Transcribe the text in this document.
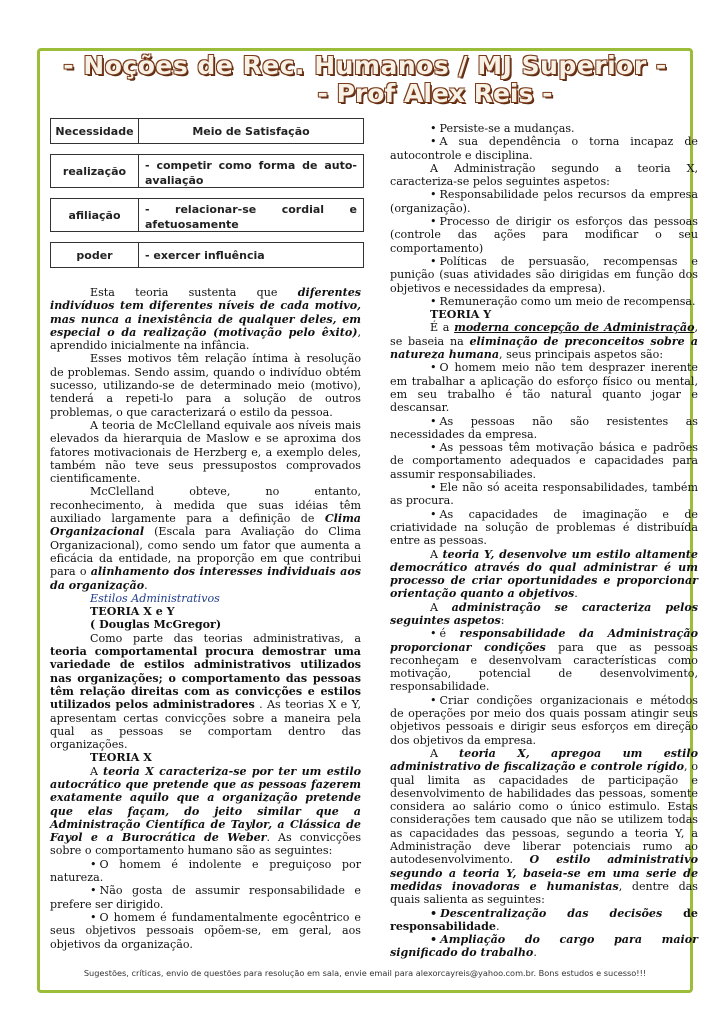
- Noções de Rec. Humanos / MJ Superior -
- Prof Alex Reis -
Necessidade	Meio de Satisfação
realização	- competir como forma de auto-avaliação
afiliação	- relacionar-se cordial e afetuosamente
poder	- exercer influência

Esta teoria sustenta que diferentes indivíduos tem diferentes níveis de cada motivo, mas nunca a inexistência de qualquer deles, em especial o da realização (motivação pelo êxito), aprendido inicialmente na infância.

Esses motivos têm relação íntima à resolução de problemas. Sendo assim, quando o indivíduo obtém sucesso, utilizando-se de determinado meio (motivo), tenderá a repeti-lo para a solução de outros problemas, o que caracterizará o estilo da pessoa.

A teoria de McClelland equivale aos níveis mais elevados da hierarquia de Maslow e se aproxima dos fatores motivacionais de Herzberg e, a exemplo deles, também não teve seus pressupostos comprovados cientificamente.

McClelland obteve, no entanto, reconhecimento, à medida que suas idéias têm auxiliado largamente para a definição de Clima Organizacional (Escala para Avaliação do Clima Organizacional), como sendo um fator que aumenta a eficácia da entidade, na proporção em que contribui para o alinhamento dos interesses individuais aos da organização.

Estilos Administrativos

TEORIA X e Y

( Douglas McGregor)

Como parte das teorias administrativas, a teoria comportamental procura demostrar uma variedade de estilos administrativos utilizados nas organizações; o comportamento das pessoas têm relação direitas com as convicções e estilos utilizados pelos administradores . As teorias X e Y, apresentam certas convicções sobre a maneira pela qual as pessoas se comportam dentro das organizações.

TEORIA X

A teoria X caracteriza-se por ter um estilo autocrático que pretende que as pessoas fazerem exatamente aquilo que a organização pretende que elas façam, do jeito similar que a Administração Científica de Taylor, a Clássica de Fayol e a Burocrática de Weber. As convicções sobre o comportamento humano são as seguintes:

• O homem é indolente e preguiçoso por natureza.

• Não gosta de assumir responsabilidade e prefere ser dirigido.

• O homem é fundamentalmente egocêntrico e seus objetivos pessoais opõem-se, em geral, aos objetivos da organização.

• Persiste-se a mudanças.

• A sua dependência o torna incapaz de autocontrole e disciplina.

A Administração segundo a teoria X, caracteriza-se pelos seguintes aspetos:

• Responsabilidade pelos recursos da empresa (organização).

• Processo de dirigir os esforços das pessoas (controle das ações para modificar o seu comportamento)

• Políticas de persuasão, recompensas e punição (suas atividades são dirigidas em função dos objetivos e necessidades da empresa).

• Remuneração como um meio de recompensa.

TEORIA Y

É a moderna concepção de Administração, se baseia na eliminação de preconceitos sobre a natureza humana, seus principais aspetos são:

• O homem meio não tem desprazer inerente em trabalhar a aplicação do esforço físico ou mental, em seu trabalho é tão natural quanto jogar e descansar.

• As pessoas não são resistentes as necessidades da empresa.

• As pessoas têm motivação básica e padrões de comportamento adequados e capacidades para assumir responsabiliades.

• Ele não só aceita responsabilidades, também as procura.

• As capacidades de imaginação e de criatividade na solução de problemas é distribuída entre as pessoas.

A teoria Y, desenvolve um estilo altamente democrático através do qual administrar é um processo de criar oportunidades e proporcionar orientação quanto a objetivos.

A administração se caracteriza pelos seguintes aspetos:

• é responsabilidade da Administração proporcionar condições para que as pessoas reconheçam e desenvolvam características como motivação, potencial de desenvolvimento, responsabilidade.

• Criar condições organizacionais e métodos de operações por meio dos quais possam atingir seus objetivos pessoais e dirigir seus esforços em direção dos objetivos da empresa.

A teoria X, apregoa um estilo administrativo de fiscalização e controle rígido, o qual limita as capacidades de participação e desenvolvimento de habilidades das pessoas, somente considera ao salário como o único estimulo. Estas considerações tem causado que não se utilizem todas as capacidades das pessoas, segundo a teoria Y, a Administração deve liberar potenciais rumo ao autodesenvolvimento. O estilo administrativo segundo a teoria Y, baseia-se em uma serie de medidas inovadoras e humanistas, dentre das quais salienta as seguintes:

• Descentralização das decisões de responsabilidade.

• Ampliação do cargo para maior significado do trabalho.

Sugestões, críticas, envio de questões para resolução em sala, envie email para alexorcayreis@yahoo.com.br. Bons estudos e sucesso!!!
